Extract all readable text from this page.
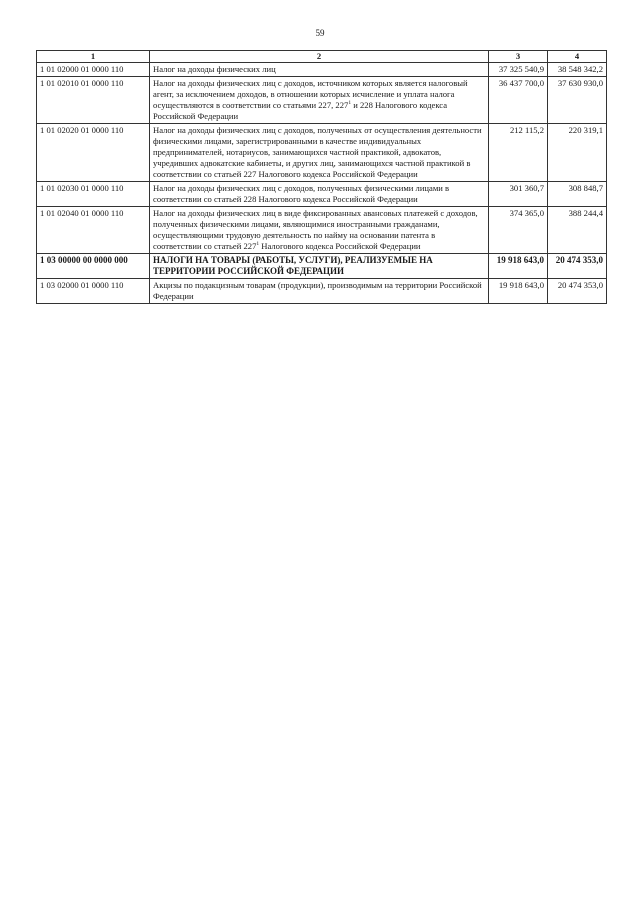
59
1	2	3	4
1 01 02000 01 0000 110	Налог на доходы физических лиц	37 325 540,9	38 548 342,2
1 01 02010 01 0000 110	Налог на доходы физических лиц с доходов, источником которых является налоговый агент, за исключением доходов, в отношении которых исчисление и уплата налога осуществляются в соответствии со статьями 227, $227^1$ и 228 Налогового кодекса Российской Федерации	36 437 700,0	37 630 930,0
1 01 02020 01 0000 110	Налог на доходы физических лиц с доходов, полученных от осуществления деятельности физическими лицами, зарегистрированными в качестве индивидуальных предпринимателей, нотариусов, занимающихся частной практикой, адвокатов, учредивших адвокатские кабинеты, и других лиц, занимающихся частной практикой в соответствии со статьей 227 Налогового кодекса Российской Федерации	212 115,2	220 319,1
1 01 02030 01 0000 110	Налог на доходы физических лиц с доходов, полученных физическими лицами в соответствии со статьей 228 Налогового кодекса Российской Федерации	301 360,7	308 848,7
1 01 02040 01 0000 110	Налог на доходы физических лиц в виде фиксированных авансовых платежей с доходов, полученных физическими лицами, являющимися иностранными гражданами, осуществляющими трудовую деятельность по найму на основании патента в соответствии со статьей $227^1$ Налогового кодекса Российской Федерации	374 365,0	388 244,4
1 03 00000 00 0000 000	НАЛОГИ НА ТОВАРЫ (РАБОТЫ, УСЛУГИ), РЕАЛИЗУЕМЫЕ НА ТЕРРИТОРИИ РОССИЙСКОЙ ФЕДЕРАЦИИ	19 918 643,0	20 474 353,0
1 03 02000 01 0000 110	Акцизы по подакцизным товарам (продукции), производимым на территории Российской Федерации	19 918 643,0	20 474 353,0
